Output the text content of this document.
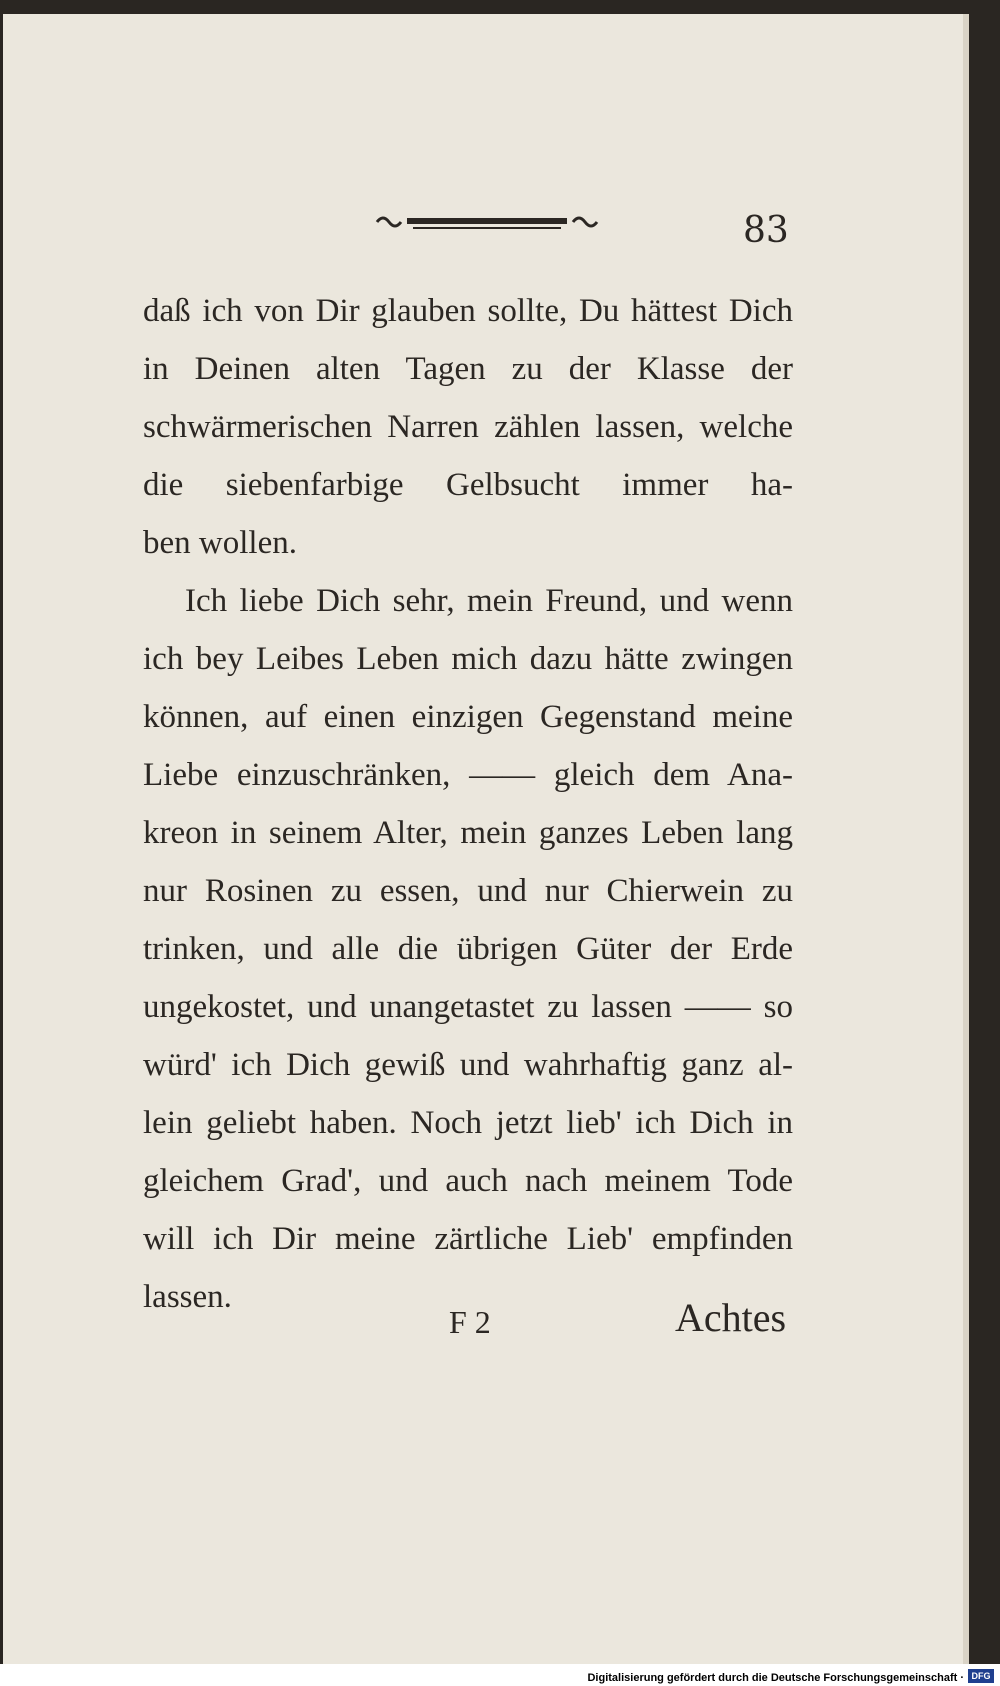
83
daß ich von Dir glauben sollte, Du hättest Dich
in Deinen alten Tagen zu der Klasse der
schwärmerischen Narren zählen lassen, welche
die siebenfarbige Gelbsucht immer ha-
ben wollen.
Ich liebe Dich sehr, mein Freund, und wenn
ich bey Leibes Leben mich dazu hätte zwingen
können, auf einen einzigen Gegenstand meine
Liebe einzuschränken, —— gleich dem Ana-
kreon in seinem Alter, mein ganzes Leben lang
nur Rosinen zu essen, und nur Chierwein zu
trinken, und alle die übrigen Güter der Erde
ungekostet, und unangetastet zu lassen —— so
würd' ich Dich gewiß und wahrhaftig ganz al-
lein geliebt haben. Noch jetzt lieb' ich Dich in
gleichem Grad', und auch nach meinem Tode
will ich Dir meine zärtliche Lieb' empfinden
lassen.
F 2	Achtes
Digitalisierung gefördert durch die Deutsche Forschungsgemeinschaft · DFG
